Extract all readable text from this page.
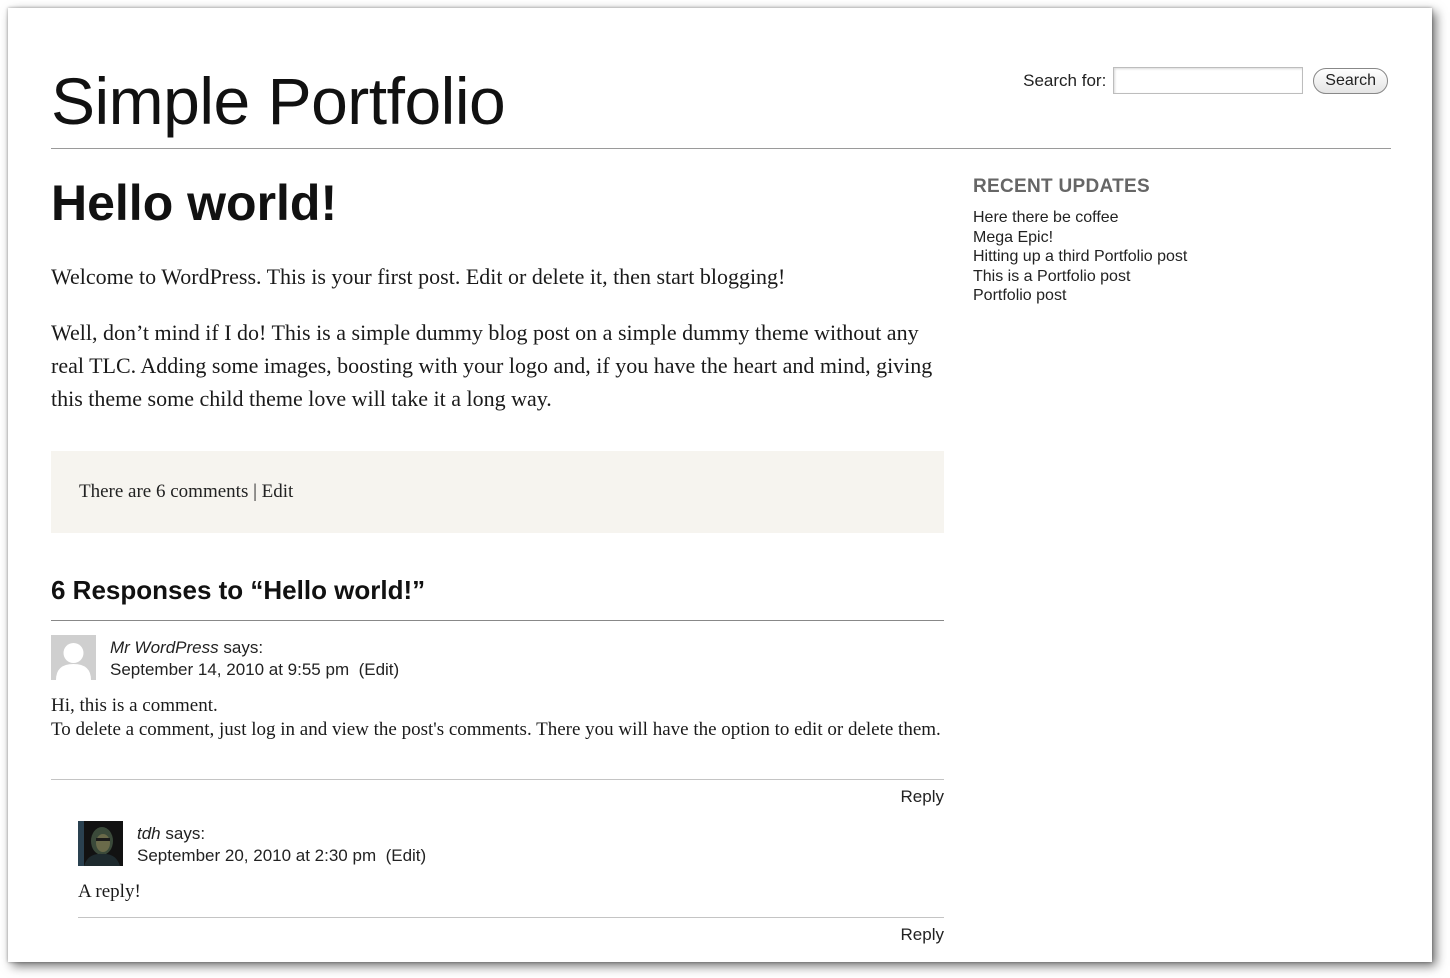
Simple Portfolio	Search for:	Search
Hello world!

Welcome to WordPress. This is your first post. Edit or delete it, then start blogging!

Well, don’t mind if I do! This is a simple dummy blog post on a simple dummy theme without any real TLC. Adding some images, boosting with your logo and, if you have the heart and mind, giving this theme some child theme love will take it a long way.

There are 6 comments | Edit
6 Responses to “Hello world!”
Mr WordPress says:
September 14, 2010 at 9:55 pm (Edit)
Hi, this is a comment.
To delete a comment, just log in and view the post's comments. There you will have the option to edit or delete them.
Reply
tdh says:
September 20, 2010 at 2:30 pm (Edit)
A reply!
Reply
RECENT UPDATES
Here there be coffee
Mega Epic!
Hitting up a third Portfolio post
This is a Portfolio post
Portfolio post
